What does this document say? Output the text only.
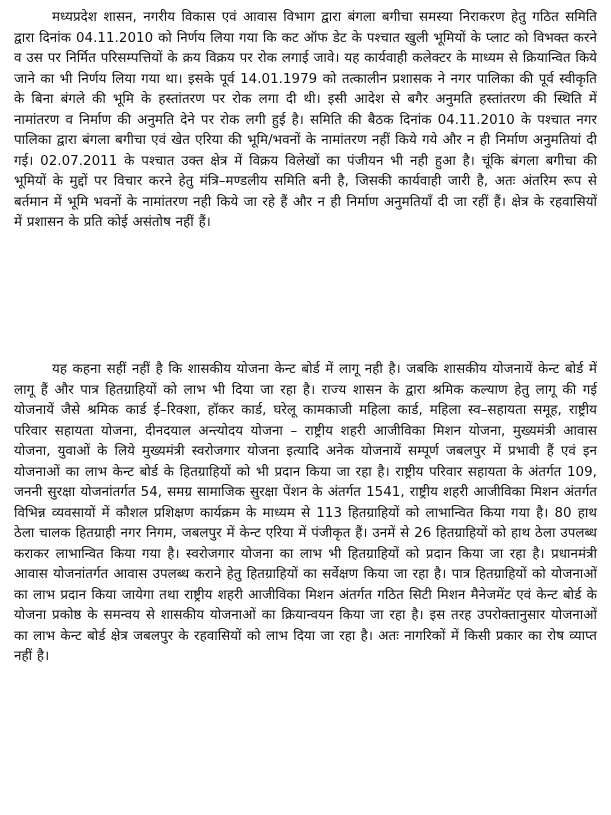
मध्यप्रदेश शासन, नगरीय विकास एवं आवास विभाग द्वारा बंगला बगीचा समस्या निराकरण हेतु गठित समिति द्वारा दिनांक 04.11.2010 को निर्णय लिया गया कि कट ऑफ डेट के पश्चात खुली भूमियों के प्लाट को विभक्त करने व उस पर निर्मित परिसम्पत्तियों के क्रय विक्रय पर रोक लगाई जावे। यह कार्यवाही कलेक्टर के माध्यम से क्रियान्वित किये जाने का भी निर्णय लिया गया था। इसके पूर्व 14.01.1979 को तत्कालीन प्रशासक ने नगर पालिका की पूर्व स्वीकृति के बिना बंगले की भूमि के हस्तांतरण पर रोक लगा दी थी। इसी आदेश से बगैर अनुमति हस्तांतरण की स्थिति में नामांतरण व निर्माण की अनुमति देने पर रोक लगी हुई है। समिति की बैठक दिनांक 04.11.2010 के पश्चात नगर पालिका द्वारा बंगला बगीचा एवं खेत एरिया की भूमि/भवनों के नामांतरण नहीं किये गये और न ही निर्माण अनुमतियां दी गई। 02.07.2011 के पश्चात उक्त क्षेत्र में विक्रय विलेखों का पंजीयन भी नही हुआ है। चूंकि बंगला बगीचा की भूमियों के मुद्दों पर विचार करने हेतु मंत्रि–मण्डलीय समिति बनी है, जिसकी कार्यवाही जारी है, अतः अंतरिम रूप से बर्तमान में भूमि भवनों के नामांतरण नही किये जा रहे हैं और न ही निर्माण अनुमतियाँ दी जा रहीं हैं। क्षेत्र के रहवासियों में प्रशासन के प्रति कोई असंतोष नहीं हैं।

यह कहना सहीं नहीं है कि शासकीय योजना केन्ट बोर्ड में लागू नही है। जबकि शासकीय योजनायें केन्ट बोर्ड में लागू हैं और पात्र हितग्राहियों को लाभ भी दिया जा रहा है। राज्य शासन के द्वारा श्रमिक कल्याण हेतु लागू की गई योजनायें जैसे श्रमिक कार्ड ई–रिक्शा, हॉकर कार्ड, घरेलू कामकाजी महिला कार्ड, महिला स्व–सहायता समूह, राष्ट्रीय परिवार सहायता योजना, दीनदयाल अन्त्योदय योजना – राष्ट्रीय शहरी आजीविका मिशन योजना, मुख्यमंत्री आवास योजना, युवाओं के लिये मुख्यमंत्री स्वरोजगार योजना इत्यादि अनेक योजनायें सम्पूर्ण जबलपुर में प्रभावी हैं एवं इन योजनाओं का लाभ केन्ट बोर्ड के हितग्राहियों को भी प्रदान किया जा रहा है। राष्ट्रीय परिवार सहायता के अंतर्गत 109, जननी सुरक्षा योजनांतर्गत 54, समग्र सामाजिक सुरक्षा पेंशन के अंतर्गत 1541, राष्ट्रीय शहरी आजीविका मिशन अंतर्गत विभिन्न व्यवसायों में कौशल प्रशिक्षण कार्यक्रम के माध्यम से 113 हितग्राहियों को लाभान्वित किया गया है। 80 हाथ ठेला चालक हितग्राही नगर निगम, जबलपुर में केन्ट एरिया में पंजीकृत हैं। उनमें से 26 हितग्राहियों को हाथ ठेला उपलब्ध कराकर लाभान्वित किया गया है। स्वरोजगार योजना का लाभ भी हितग्राहियों को प्रदान किया जा रहा है। प्रधानमंत्री आवास योजनांतर्गत आवास उपलब्ध कराने हेतु हितग्राहियों का सर्वेक्षण किया जा रहा है। पात्र हितग्राहियों को योजनाओं का लाभ प्रदान किया जायेगा तथा राष्ट्रीय शहरी आजीविका मिशन अंतर्गत गठित सिटी मिशन मैनेजमेंट एवं केन्ट बोर्ड के योजना प्रकोष्ठ के समन्वय से शासकीय योजनाओं का क्रियान्वयन किया जा रहा है। इस तरह उपरोक्तानुसार योजनाओं का लाभ केन्ट बोर्ड क्षेत्र जबलपुर के रहवासियों को लाभ दिया जा रहा है। अतः नागरिकों में किसी प्रकार का रोष व्याप्त नहीं है।
